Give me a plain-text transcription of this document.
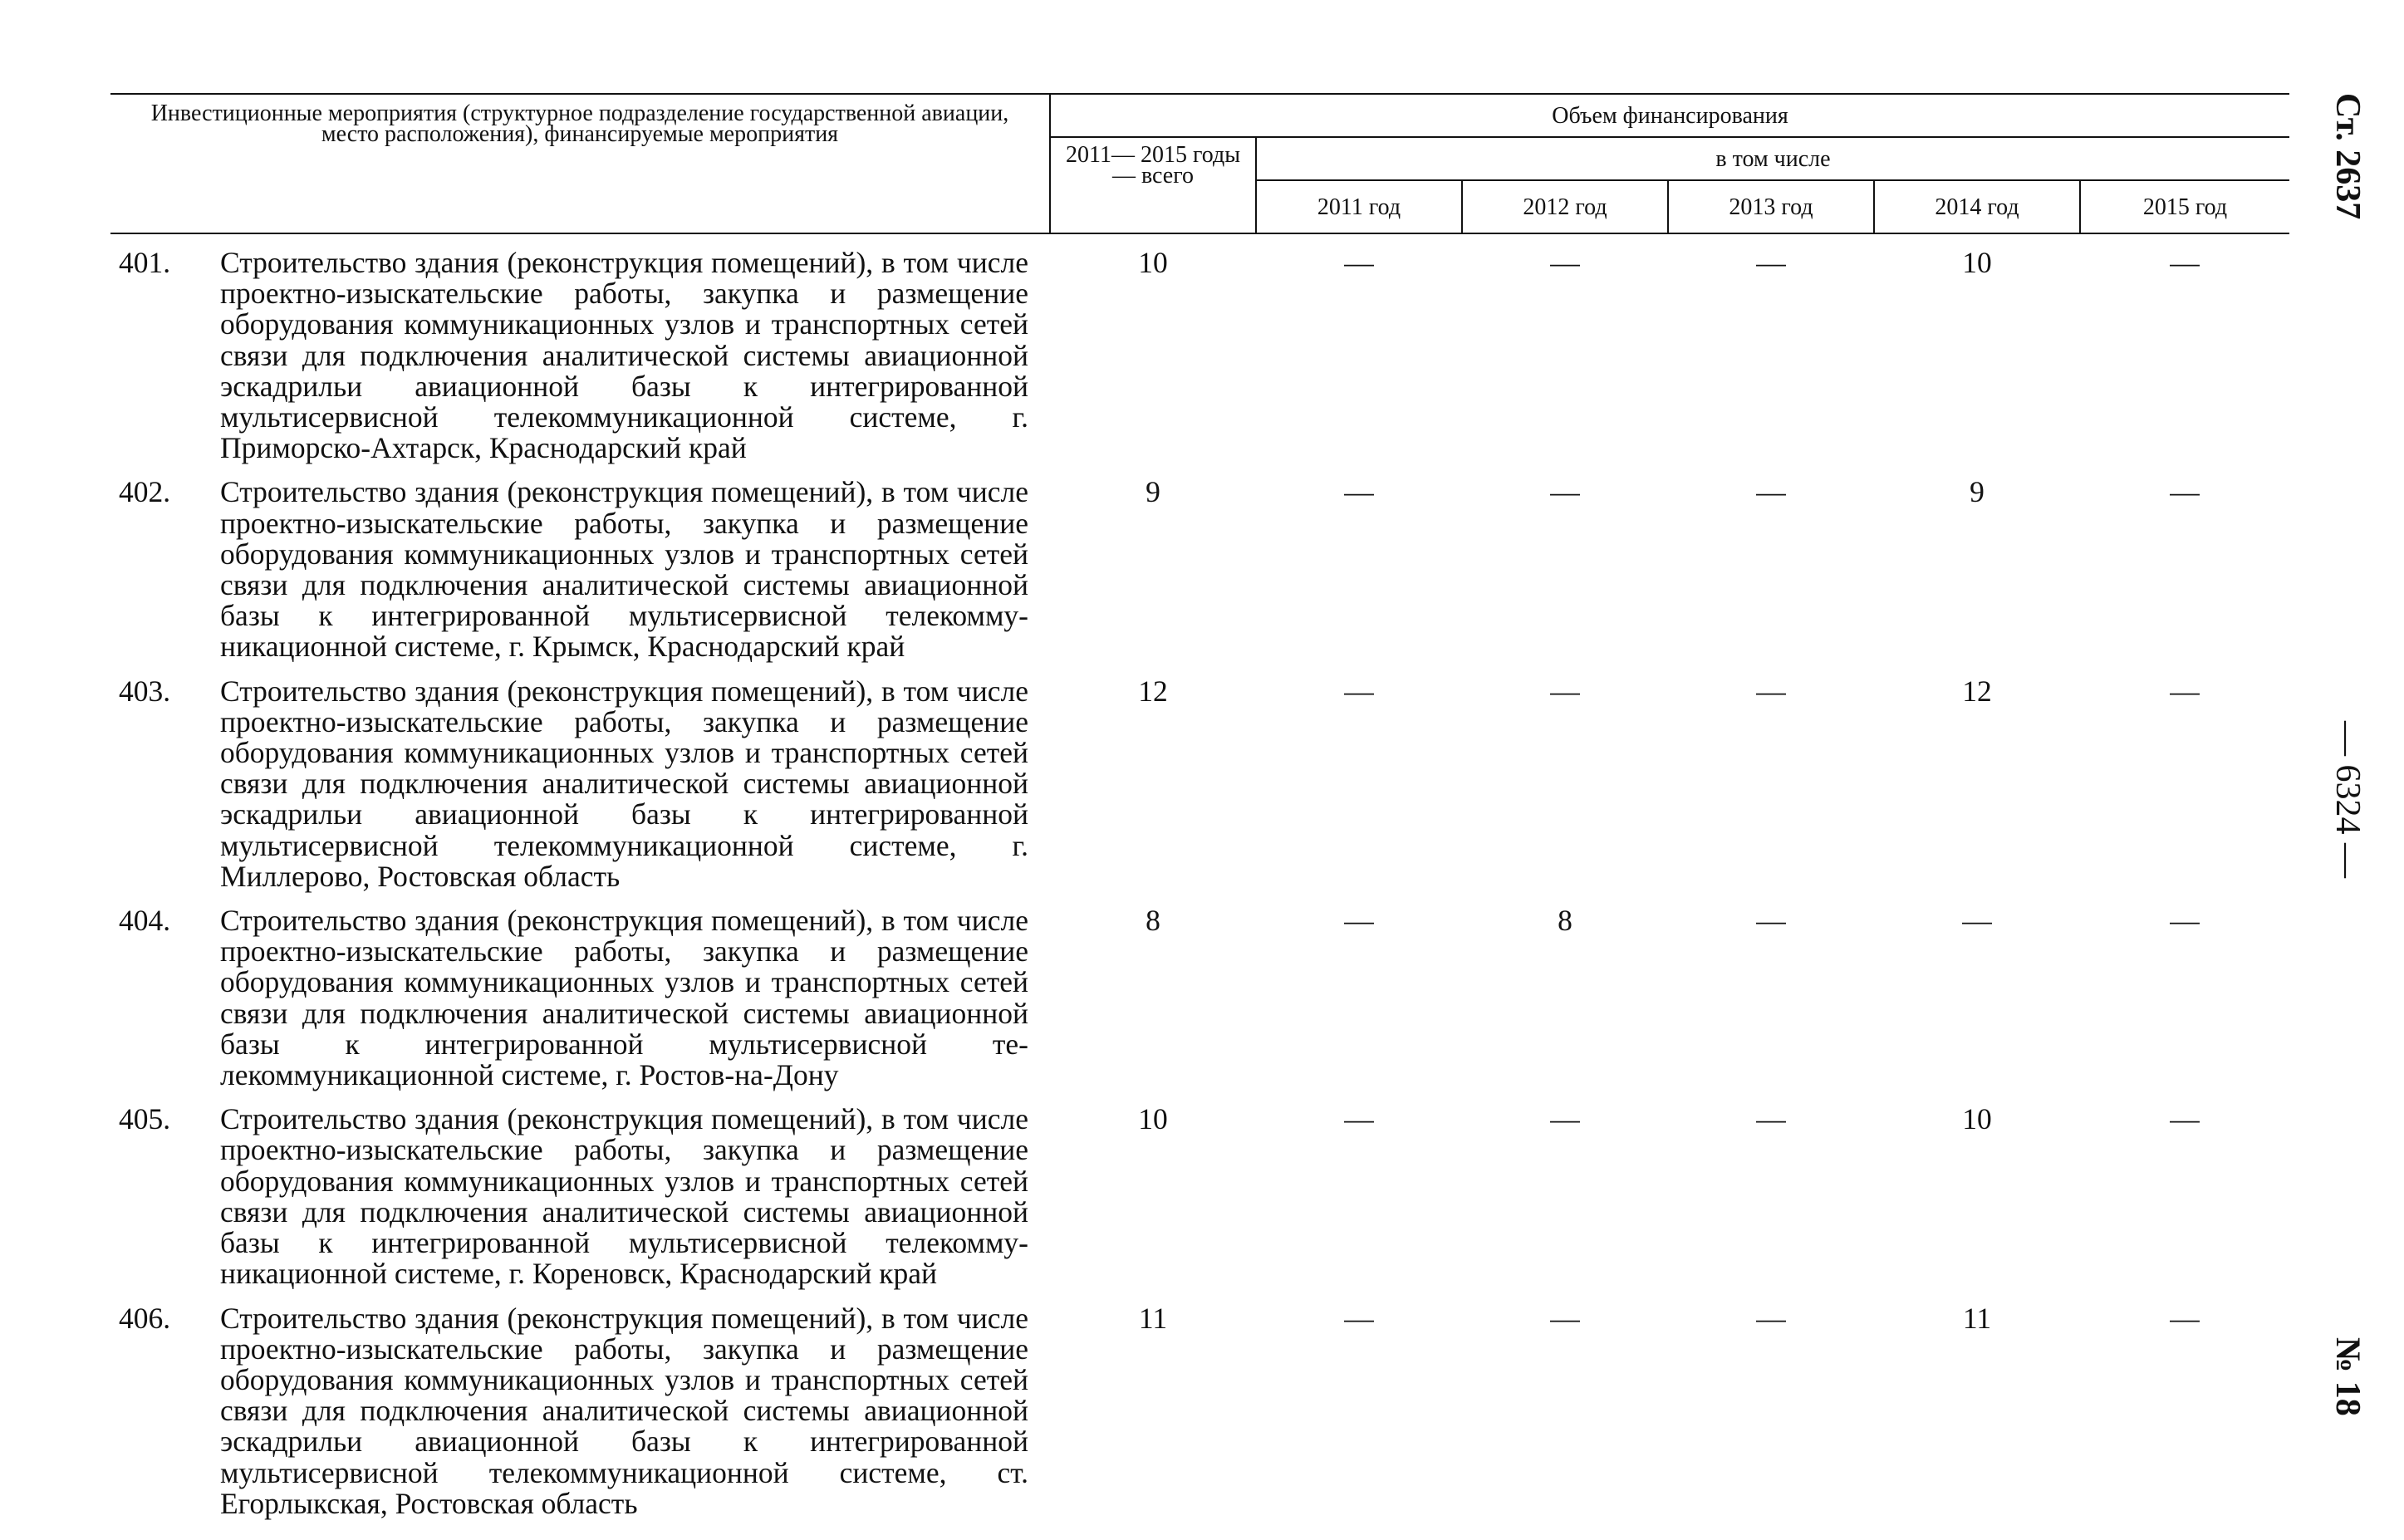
Инвестиционные мероприятия (структурное подразделение государственной авиации, место расположения), финансируемые мероприятия	Объем финансирования					
	2011— 2015 годы — всего	в том числе				
		2011 год	2012 год	2013 год	2014 год	2015 год

401. Строительство здания (реконструкция помещений), в том числе проектно-изыскательские работы, закупка и размещение оборудования коммуникационных узлов и транспортных сетей связи для подключения аналитической системы авиационной эскадрильи авиационной базы к интегрированной мультисервисной телекоммуникационной системе, г. Приморско-Ахтарск, Краснодарский край	10	—	—	—	10	—

402. Строительство здания (реконструкция помещений), в том числе проектно-изыскательские работы, закупка и размещение оборудования коммуникационных узлов и транспортных сетей связи для подключения аналитической системы авиационной базы к интегрированной мультисервисной телекоммуникационной системе, г. Крымск, Краснодарский край	9	—	—	—	9	—

403. Строительство здания (реконструкция помещений), в том числе проектно-изыскательские работы, закупка и размещение оборудования коммуникационных узлов и транспортных сетей связи для подключения аналитической системы авиационной эскадрильи авиационной базы к интегрированной мультисервисной телекоммуникационной системе, г. Миллерово, Ростовская область	12	—	—	—	12	—

404. Строительство здания (реконструкция помещений), в том числе проектно-изыскательские работы, закупка и размещение оборудования коммуникационных узлов и транспортных сетей связи для подключения аналитической системы авиационной базы к интегрированной мультисервисной телекоммуникационной системе, г. Ростов-на-Дону	8	—	8	—	—	—

405. Строительство здания (реконструкция помещений), в том числе проектно-изыскательские работы, закупка и размещение оборудования коммуникационных узлов и транспортных сетей связи для подключения аналитической системы авиационной базы к интегрированной мультисервисной телекоммуникационной системе, г. Кореновск, Краснодарский край	10	—	—	—	10	—

406. Строительство здания (реконструкция помещений), в том числе проектно-изыскательские работы, закупка и размещение оборудования коммуникационных узлов и транспортных сетей связи для подключения аналитической системы авиационной эскадрильи авиационной базы к интегрированной мультисервисной телекоммуникационной системе, ст. Егорлыкская, Ростовская область	11	—	—	—	11	—
Ст. 2637
— 6324 —
№ 18
